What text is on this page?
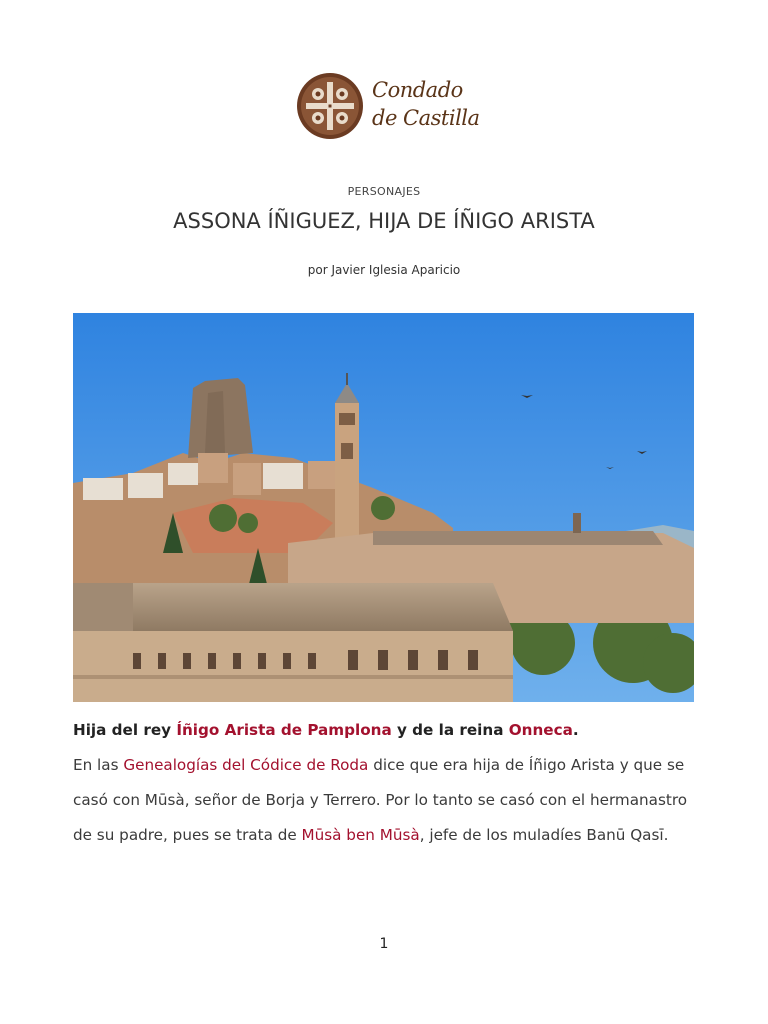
Condado
de Castilla
PERSONAJES
ASSONA ÍÑIGUEZ, HIJA DE ÍÑIGO ARISTA
por Javier Iglesia Aparicio

Hija del rey Íñigo Arista de Pamplona y de la reina Onneca.

En las Genealogías del Códice de Roda dice que era hija de Íñigo Arista y que se casó con Mūsà, señor de Borja y Terrero. Por lo tanto se casó con el hermanastro de su padre, pues se trata de Mūsà ben Mūsà, jefe de los muladíes Banū Qasī.

1
